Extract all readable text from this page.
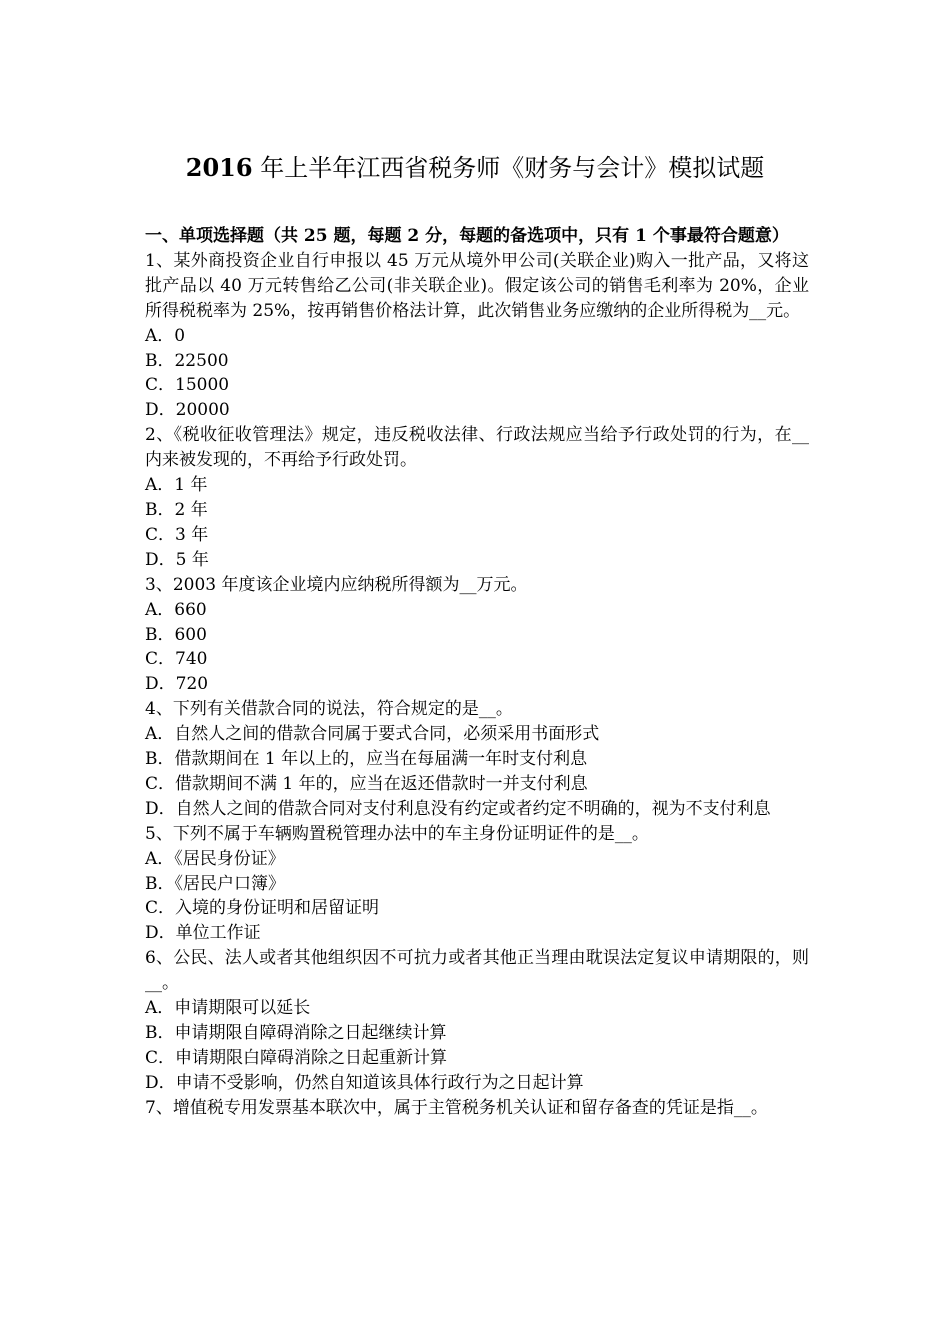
2016 年上半年江西省税务师《财务与会计》模拟试题
一、单项选择题（共 25 题，每题 2 分，每题的备选项中，只有 1 个事最符合题意）
1、某外商投资企业自行申报以 45 万元从境外甲公司(关联企业)购入一批产品，又将这批产品以 40 万元转售给乙公司(非关联企业)。假定该公司的销售毛利率为 20%，企业所得税税率为 25%，按再销售价格法计算，此次销售业务应缴纳的企业所得税为__元。
A．0
B．22500
C．15000
D．20000
2、《税收征收管理法》规定，违反税收法律、行政法规应当给予行政处罚的行为，在__内来被发现的，不再给予行政处罚。
A．1 年
B．2 年
C．3 年
D．5 年
3、2003 年度该企业境内应纳税所得额为__万元。
A．660
B．600
C．740
D．720
4、下列有关借款合同的说法，符合规定的是__。
A．自然人之间的借款合同属于要式合同，必须采用书面形式
B．借款期间在 1 年以上的，应当在每届满一年时支付利息
C．借款期间不满 1 年的，应当在返还借款时一并支付利息
D．自然人之间的借款合同对支付利息没有约定或者约定不明确的，视为不支付利息
5、下列不属于车辆购置税管理办法中的车主身份证明证件的是__。
A．《居民身份证》
B．《居民户口簿》
C．入境的身份证明和居留证明
D．单位工作证
6、公民、法人或者其他组织因不可抗力或者其他正当理由耽误法定复议申请期限的，则__。
A．申请期限可以延长
B．申请期限自障碍消除之日起继续计算
C．申请期限白障碍消除之日起重新计算
D．申请不受影响，仍然自知道该具体行政行为之日起计算
7、增值税专用发票基本联次中，属于主管税务机关认证和留存备查的凭证是指__。
